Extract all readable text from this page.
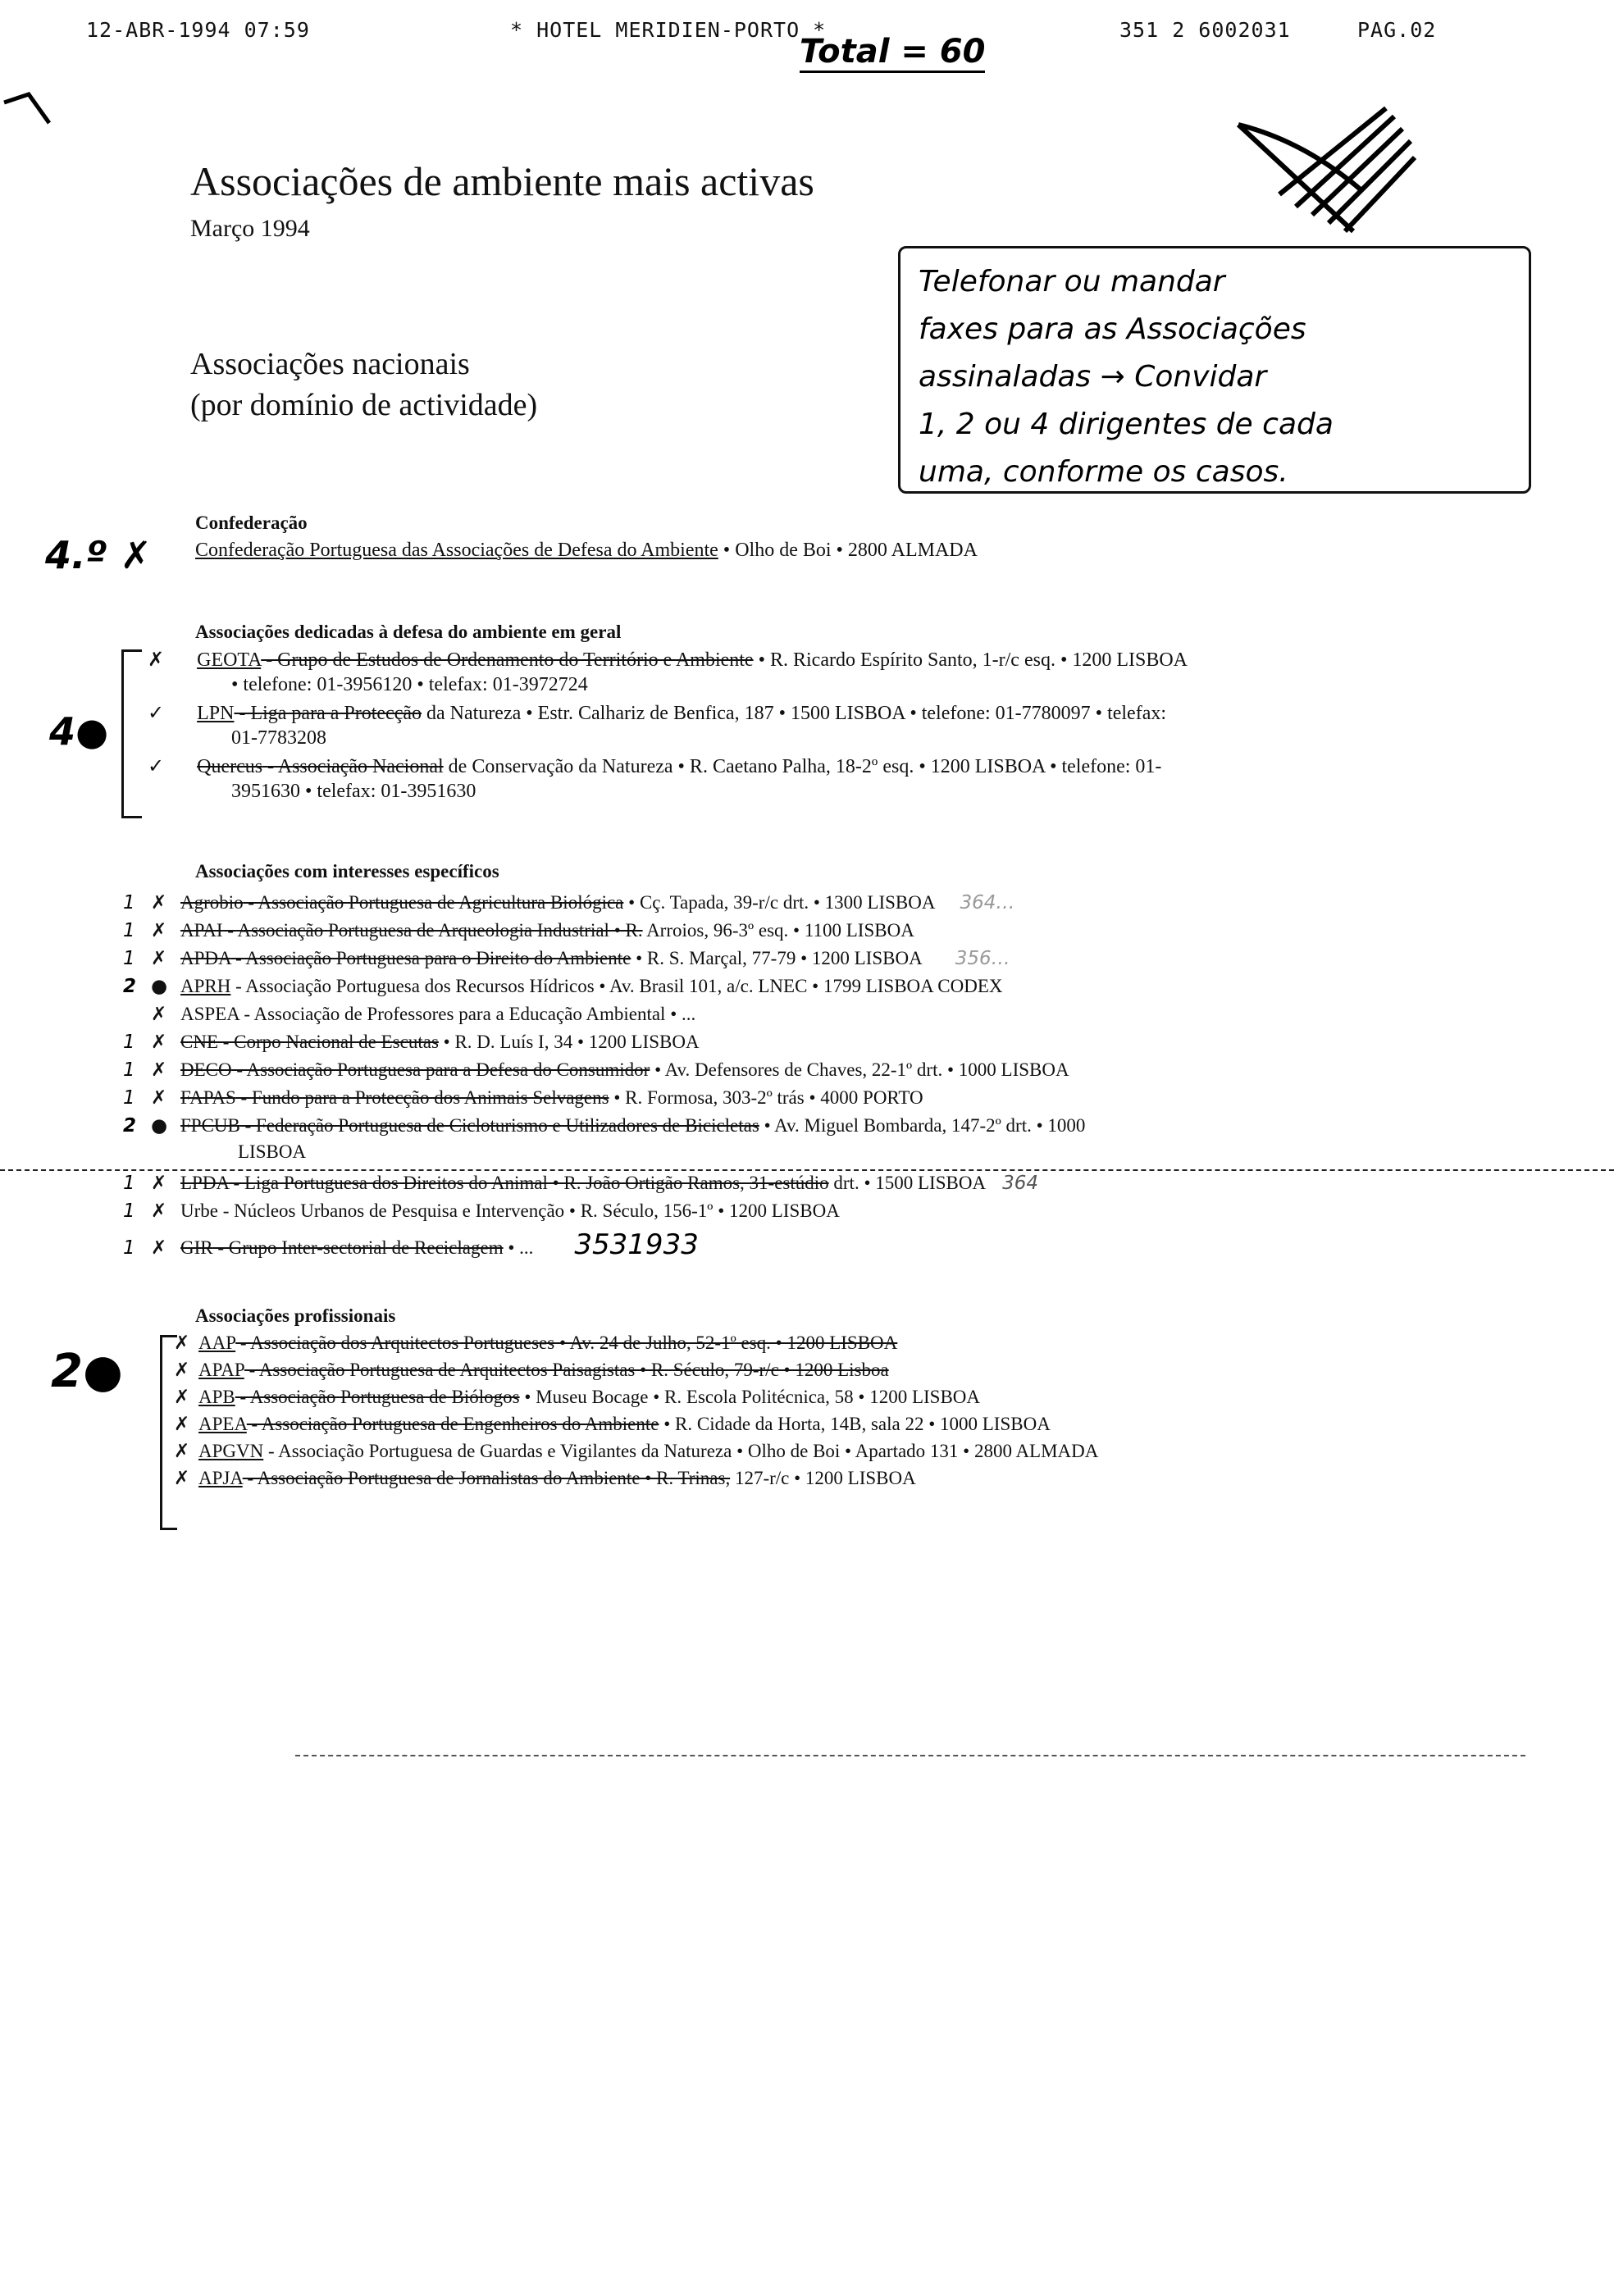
12-ABR-1994 07:59	* HOTEL MERIDIEN-PORTO *	351 2 6002031	PAG.02
Total = 60
Associações de ambiente mais activas
Março 1994
Associações nacionais
(por domínio de actividade)
Telefonar ou mandar
faxes para as Associações
assinaladas → Convidar
1, 2 ou 4 dirigentes de cada
uma, conforme os casos.
Confederação
4.º ✗ Confederação Portuguesa das Associações de Defesa do Ambiente • Olho de Boi • 2800 ALMADA
Associações dedicadas à defesa do ambiente em geral
4●
✗ GEOTA - Grupo de Estudos de Ordenamento do Território e Ambiente • R. Ricardo Espírito Santo, 1-r/c esq. • 1200 LISBOA
• telefone: 01-3956120 • telefax: 01-3972724
✓ LPN - Liga para a Protecção da Natureza • Estr. Calhariz de Benfica, 187 • 1500 LISBOA • telefone: 01-7780097 • telefax:
01-7783208
✓ Quercus - Associação Nacional de Conservação da Natureza • R. Caetano Palha, 18-2º esq. • 1200 LISBOA • telefone: 01-
3951630 • telefax: 01-3951630
Associações com interesses específicos
1 ✗ Agrobio - Associação Portuguesa de Agricultura Biológica • Cç. Tapada, 39-r/c drt. • 1300 LISBOA 364…
1 ✗ APAI - Associação Portuguesa de Arqueologia Industrial • R. Arroios, 96-3º esq. • 1100 LISBOA
1 ✗ APDA - Associação Portuguesa para o Direito do Ambiente • R. S. Marçal, 77-79 • 1200 LISBOA 356…
2 ● APRH - Associação Portuguesa dos Recursos Hídricos • Av. Brasil 101, a/c. LNEC • 1799 LISBOA CODEX
✗ ASPEA - Associação de Professores para a Educação Ambiental • ...
1 ✗ CNE - Corpo Nacional de Escutas • R. D. Luís I, 34 • 1200 LISBOA
1 ✗ DECO - Associação Portuguesa para a Defesa do Consumidor • Av. Defensores de Chaves, 22-1º drt. • 1000 LISBOA
1 ✗ FAPAS - Fundo para a Protecção dos Animais Selvagens • R. Formosa, 303-2º trás • 4000 PORTO
2 ● FPCUB - Federação Portuguesa de Cicloturismo e Utilizadores de Bicicletas • Av. Miguel Bombarda, 147-2º drt. • 1000
LISBOA
1 ✗ LPDA - Liga Portuguesa dos Direitos do Animal • R. João Ortigão Ramos, 31-estúdio drt. • 1500 LISBOA 364
1 ✗ Urbe - Núcleos Urbanos de Pesquisa e Intervenção • R. Século, 156-1º • 1200 LISBOA
1 ✗ GIR - Grupo Inter-sectorial de Reciclagem • ... 3531933
Associações profissionais
2●
✗ AAP - Associação dos Arquitectos Portugueses • Av. 24 de Julho, 52-1º esq. • 1200 LISBOA
✗ APAP - Associação Portuguesa de Arquitectos Paisagistas • R. Século, 79-r/c • 1200 Lisboa
✗ APB - Associação Portuguesa de Biólogos • Museu Bocage • R. Escola Politécnica, 58 • 1200 LISBOA
✗ APEA - Associação Portuguesa de Engenheiros do Ambiente • R. Cidade da Horta, 14B, sala 22 • 1000 LISBOA
✗ APGVN - Associação Portuguesa de Guardas e Vigilantes da Natureza • Olho de Boi • Apartado 131 • 2800 ALMADA
✗ APJA - Associação Portuguesa de Jornalistas do Ambiente • R. Trinas, 127-r/c • 1200 LISBOA
